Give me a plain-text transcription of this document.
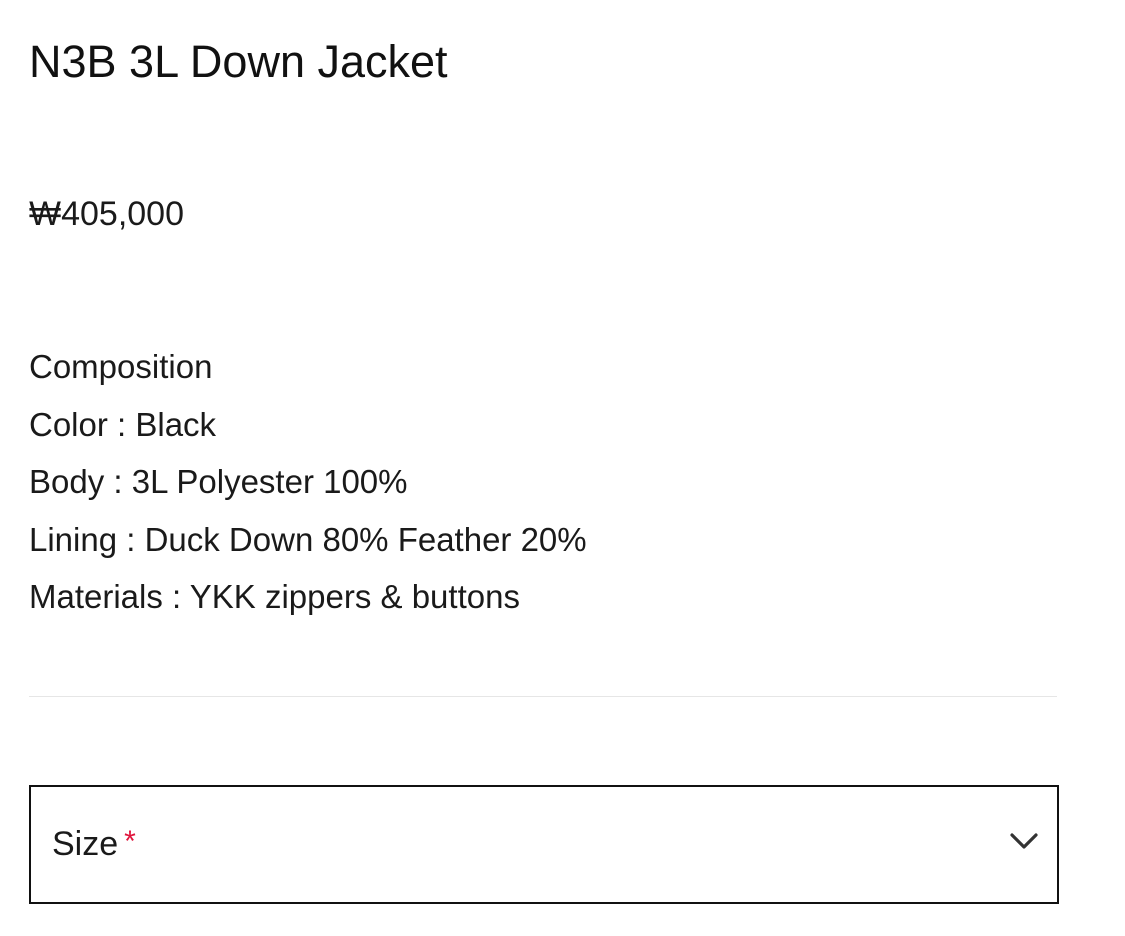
N3B 3L Down Jacket
₩405,000
Composition
Color : Black
Body : 3L Polyester 100%
Lining : Duck Down 80% Feather 20%
Materials : YKK zippers & buttons
Size *
